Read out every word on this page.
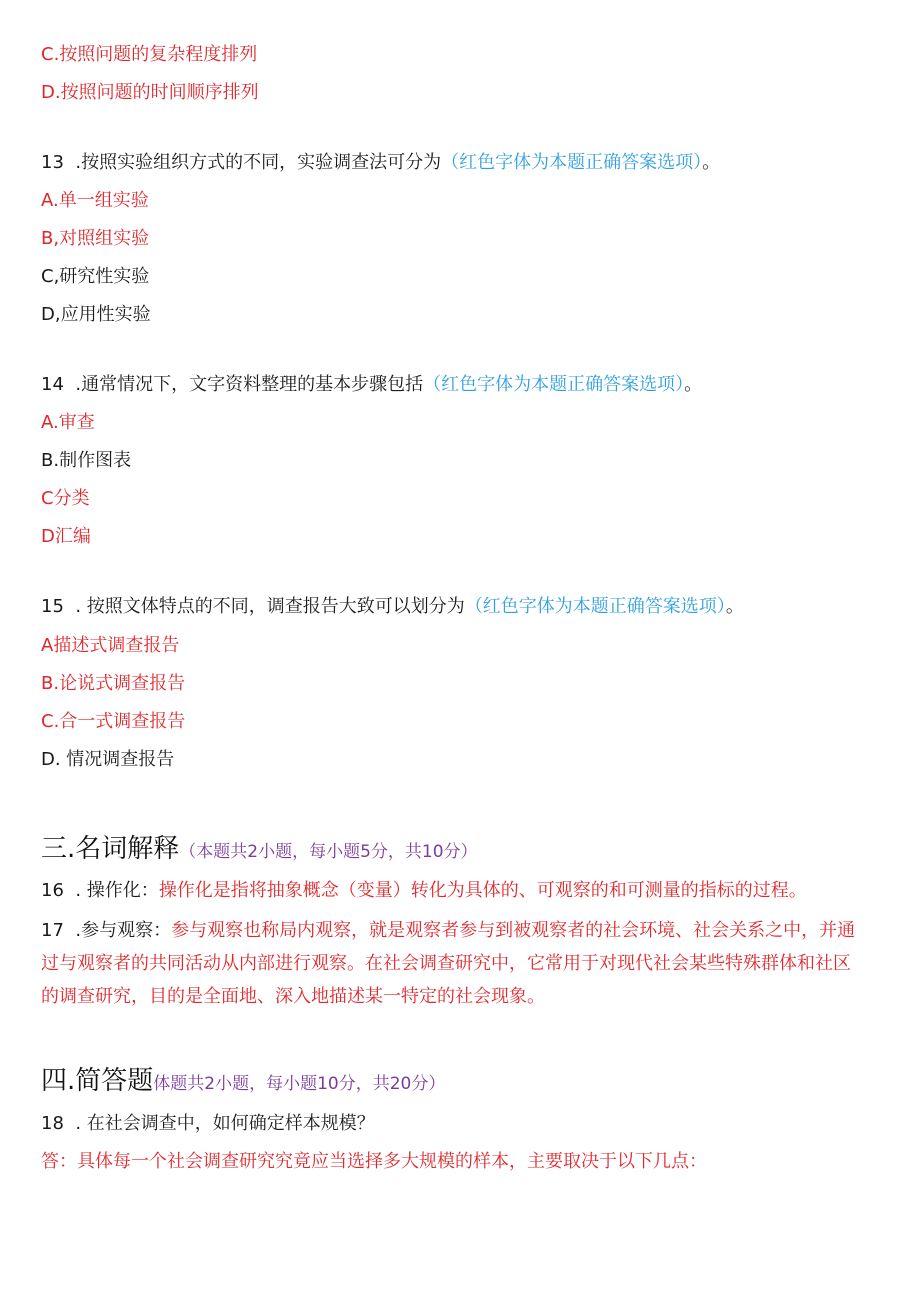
C.按照问题的复杂程度排列
D.按照问题的时间顺序排列
13 .按照实验组织方式的不同，实验调查法可分为（红色字体为本题正确答案选项）。
A.单一组实验
B,对照组实验
C,研究性实验
D,应用性实验
14 .通常情况下，文字资料整理的基本步骤包括（红色字体为本题正确答案选项）。
A.审查
B.制作图表
C分类
D汇编
15 . 按照文体特点的不同，调查报告大致可以划分为（红色字体为本题正确答案选项）。
A描述式调查报告
B.论说式调查报告
C.合一式调查报告
D. 情况调查报告
三.名词解释（本题共2小题，每小题5分，共10分）
16 . 操作化：操作化是指将抽象概念（变量）转化为具体的、可观察的和可测量的指标的过程。
17 .参与观察：参与观察也称局内观察，就是观察者参与到被观察者的社会环境、社会关系之中，并通
过与观察者的共同活动从内部进行观察。在社会调查研究中，它常用于对现代社会某些特殊群体和社区
的调查研究，目的是全面地、深入地描述某一特定的社会现象。
四.简答题体题共2小题，每小题10分，共20分）
18 . 在社会调查中，如何确定样本规模？
答：具体每一个社会调查研究究竟应当选择多大规模的样本，主要取决于以下几点：
